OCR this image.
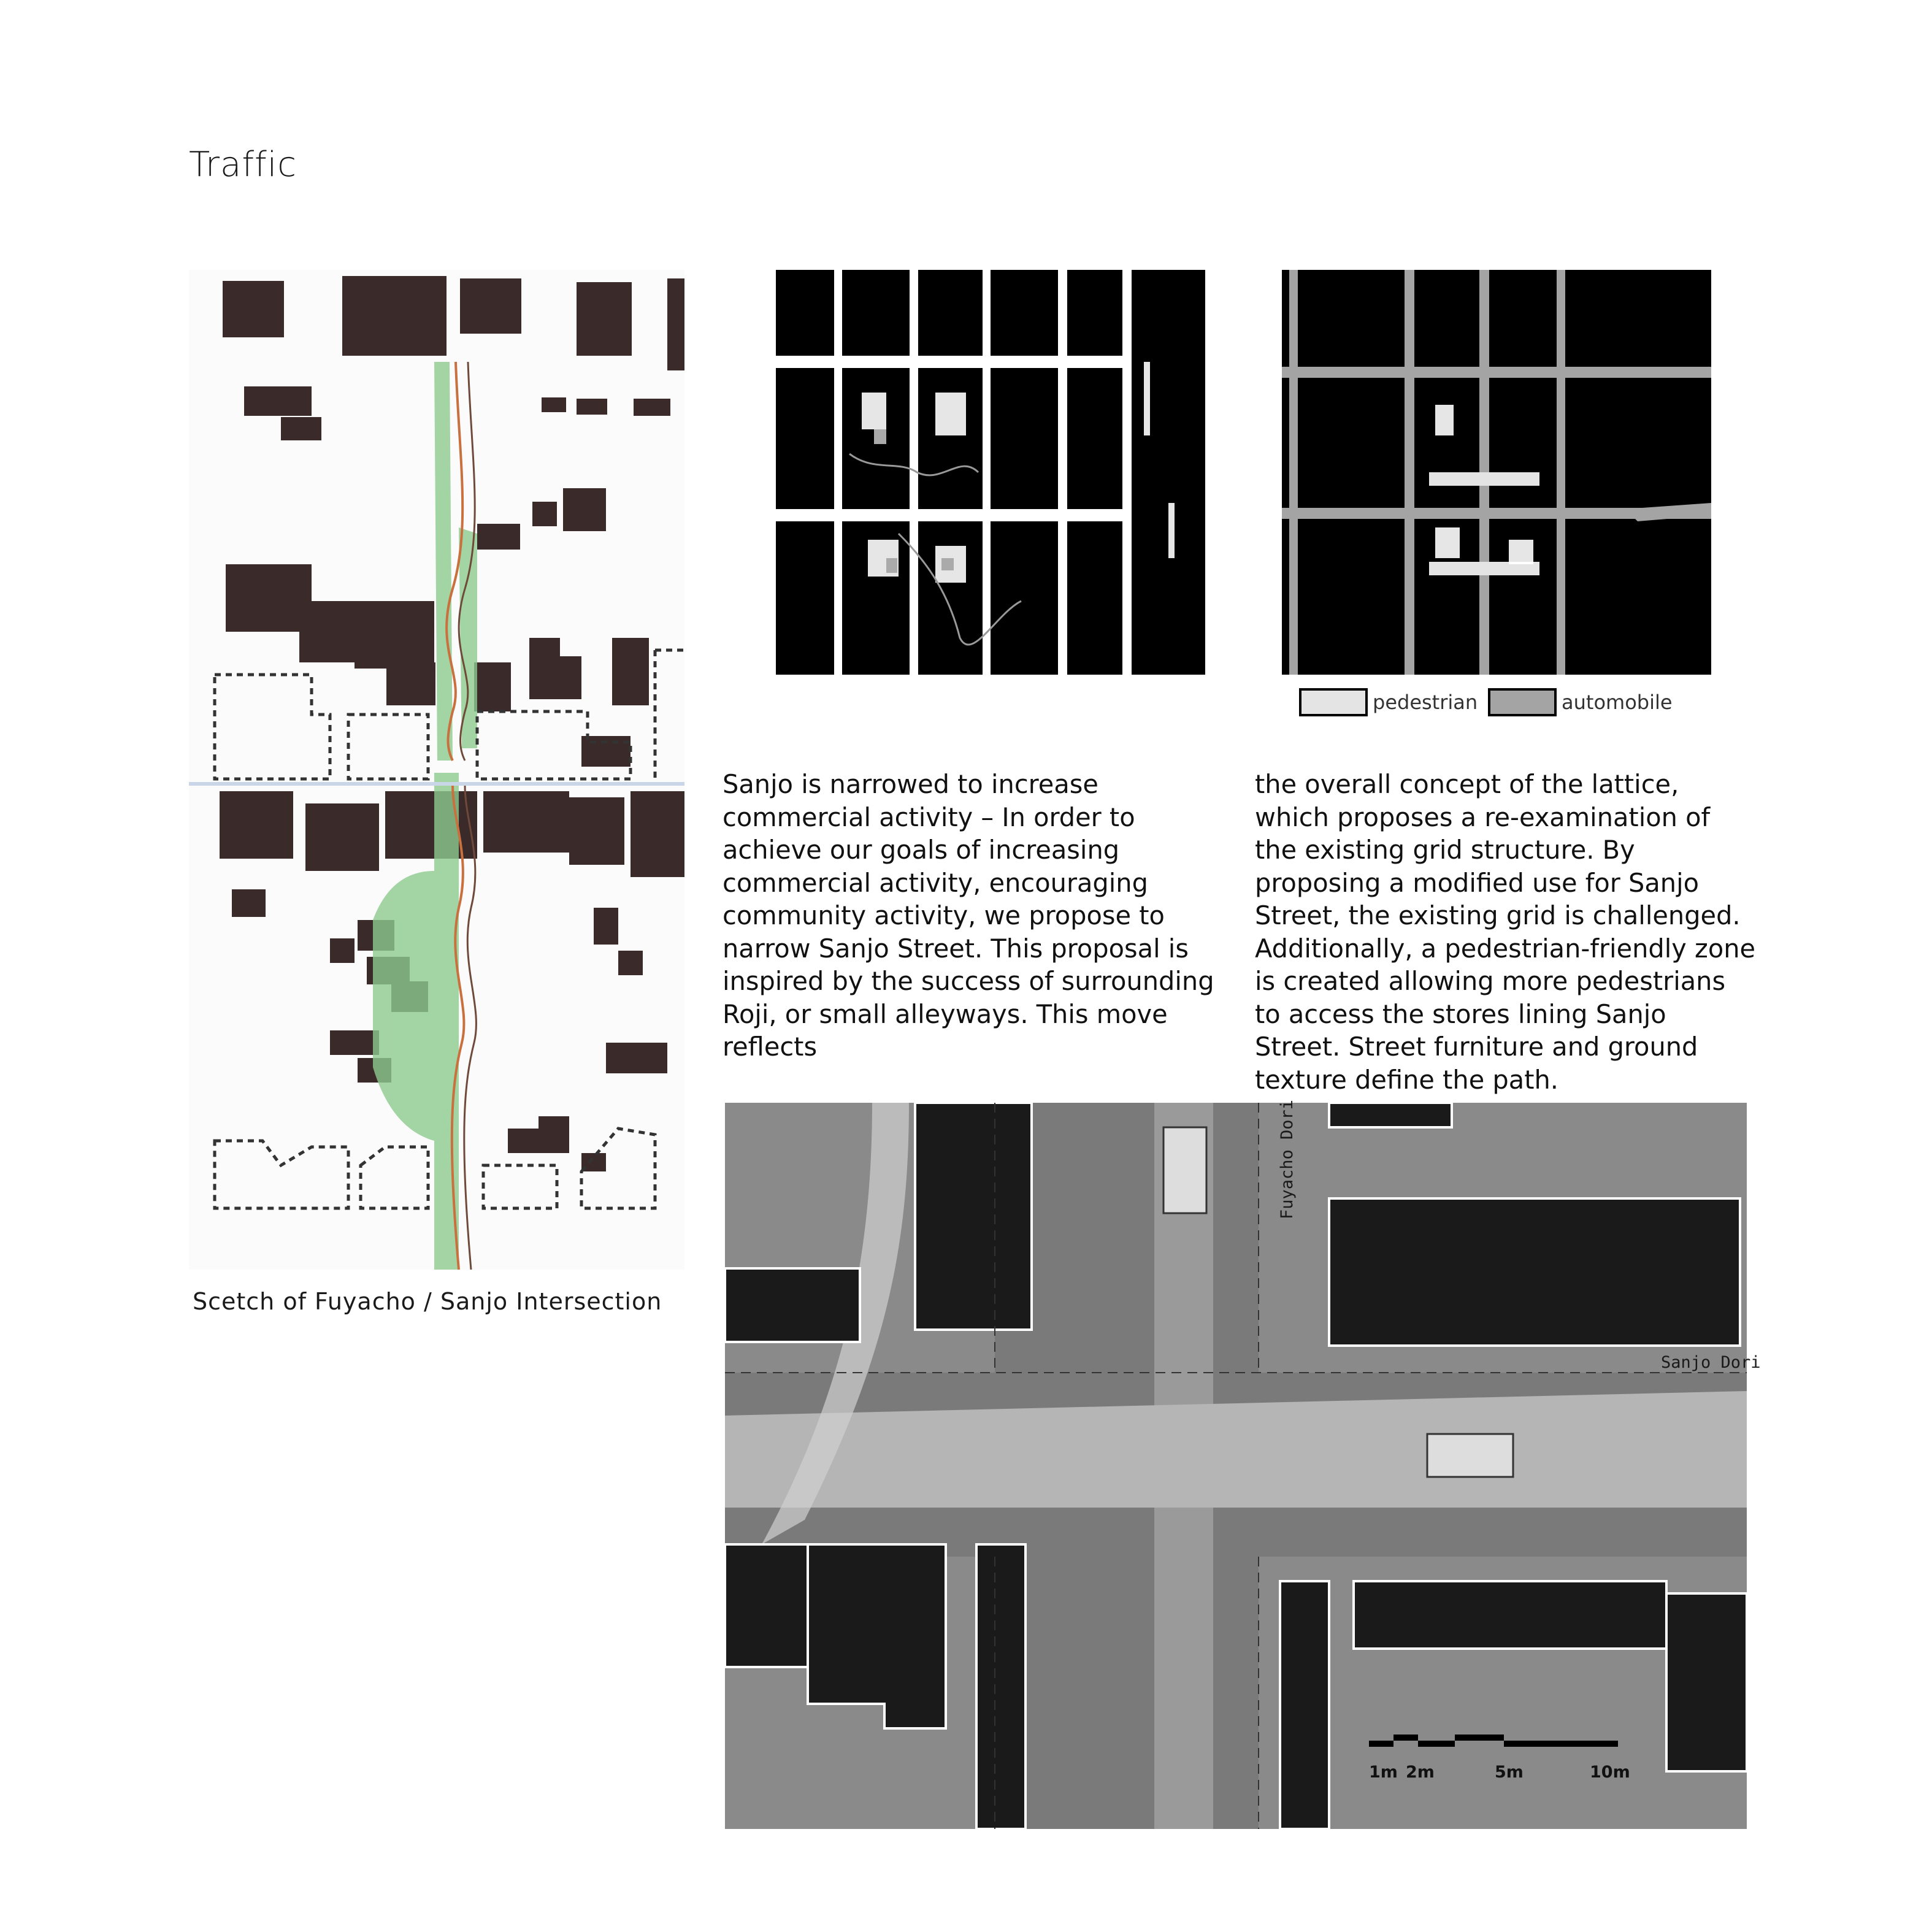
Traffic
Scetch of Fuyacho / Sanjo Intersection
pedestrian	automobile
Sanjo is narrowed to increase commercial activity – In order to achieve our goals of increasing commercial activity, encouraging community activity, we propose to narrow Sanjo Street. This proposal is inspired by the success of surrounding Roji, or small alleyways. This move reflects
the overall concept of the lattice, which proposes a re-examination of the existing grid structure. By proposing a modified use for Sanjo Street, the existing grid is challenged. Additionally, a pedestrian-friendly zone is created allowing more pedestrians to access the stores lining Sanjo Street. Street furniture and ground texture define the path.
Fuyacho Dori
Sanjo Dori
1m 2m	5m	10m
